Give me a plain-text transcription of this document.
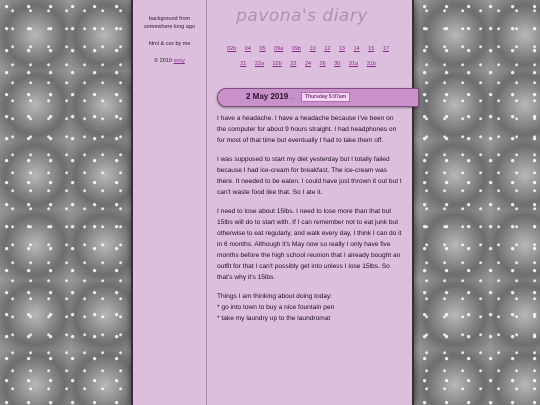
background from somewhere long ago

html & css by me

© 2019 xoxy

pavona's diary
02b 04 05 09a 09b 10 12 13 14 15 17
21 22a 22b 23 24 26 30 31a 31b
2 May 2019 ...	Thursday 5:07am

I have a headache. I have a headache because I've been on the computer for about 9 hours straight. I had headphones on for most of that time but eventually I had to take them off.

I was supposed to start my diet yesterday but I totally failed because I had ice-cream for breakfast. The ice-cream was there. It needed to be eaten. I could have just thrown it out but I can't waste food like that. So I ate it.

I need to lose about 15lbs. I need to lose more than that but 15lbs will do to start with. If I can remember not to eat junk but otherwise to eat regularly, and walk every day, I think I can do it in 6 months. Although it's May now so really I only have five months before the high school reunion that I already bought an outfit for that I can't possibly get into unless I lose 15lbs. So that's why it's 15lbs.

Things I am thinking about doing today:

* go into town to buy a nice fountain pen

* take my laundry up to the laundromat
